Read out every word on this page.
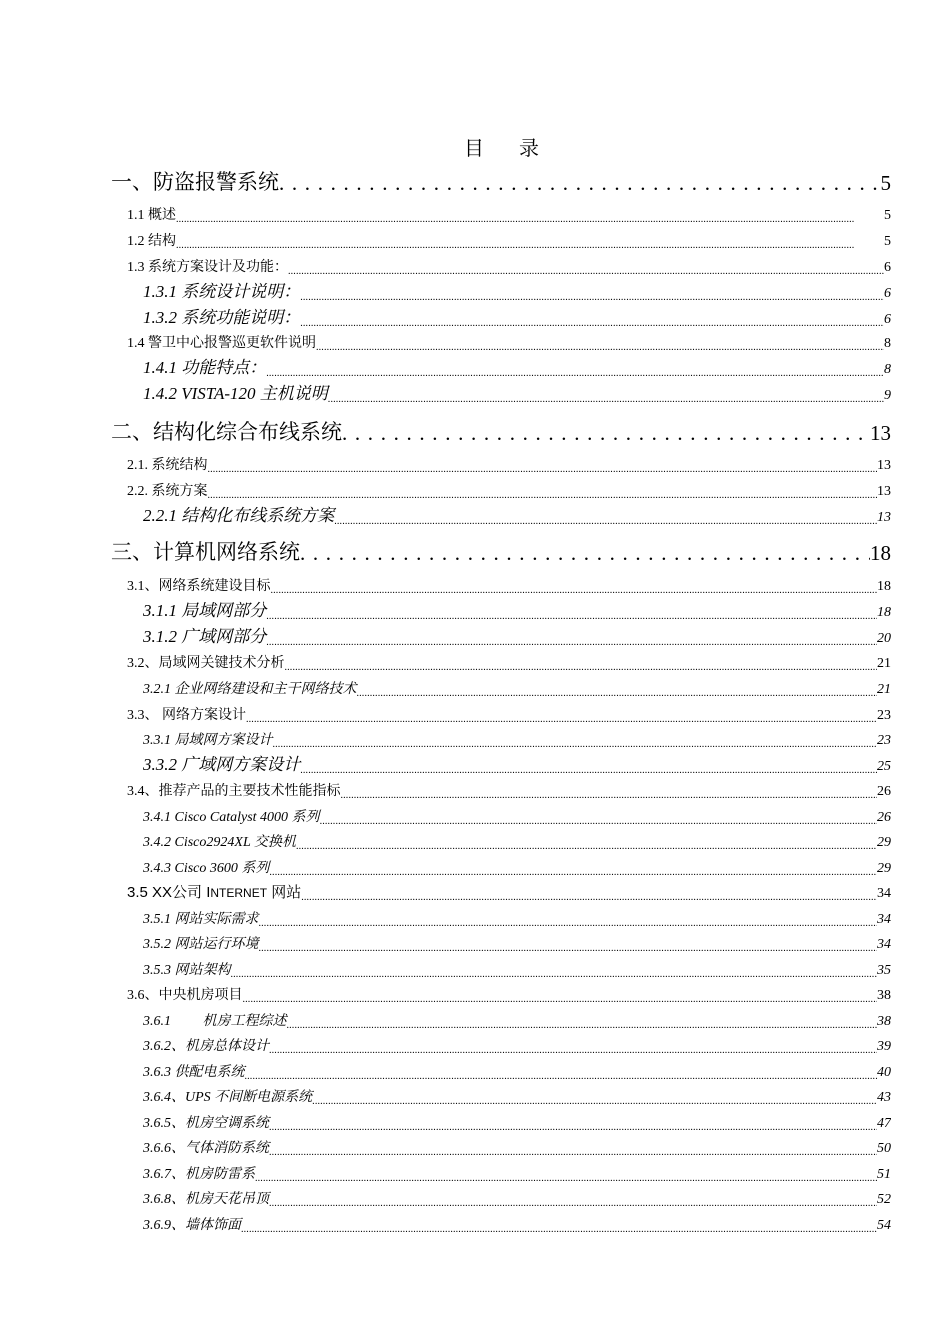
目 录
一、防盗报警系统 . . .	5
1.1 概述 .....	5
1.2 结构 .....	5
1.3 系统方案设计及功能： .....	6
1.3.1 系统设计说明： .....	6
1.3.2 系统功能说明： .....	6
1.4 警卫中心报警巡更软件说明 .....	8
1.4.1 功能特点： .....	8
1.4.2 VISTA-120 主机说明 .....	9
二、结构化综合布线系统 . . .	13
2.1. 系统结构 .....	13
2.2. 系统方案 .....	13
2.2.1 结构化布线系统方案 .....	13
三、计算机网络系统 . . .	18
3.1、网络系统建设目标 .....	18
3.1.1 局域网部分 .....	18
3.1.2 广域网部分 .....	20
3.2、局域网关键技术分析 .....	21
3.2.1 企业网络建设和主干网络技术 .....	21
3.3、 网络方案设计 .....	23
3.3.1 局域网方案设计 .....	23
3.3.2 广域网方案设计 .....	25
3.4、推荐产品的主要技术性能指标 .....	26
3.4.1 Cisco Catalyst 4000 系列 .....	26
3.4.2 Cisco2924XL 交换机 .....	29
3.4.3 Cisco 3600 系列 .....	29
3.5 XX公司 INTERNET 网站 .....	34
3.5.1 网站实际需求 .....	34
3.5.2 网站运行环境 .....	34
3.5.3 网站架构 .....	35
3.6、中央机房项目 .....	38
3.6.1 机房工程综述 .....	38
3.6.2、机房总体设计 .....	39
3.6.3 供配电系统 .....	40
3.6.4、UPS 不间断电源系统 .....	43
3.6.5、机房空调系统 .....	47
3.6.6、气体消防系统 .....	50
3.6.7、机房防雷系 .....	51
3.6.8、机房天花吊顶 .....	52
3.6.9、墙体饰面 .....	54
